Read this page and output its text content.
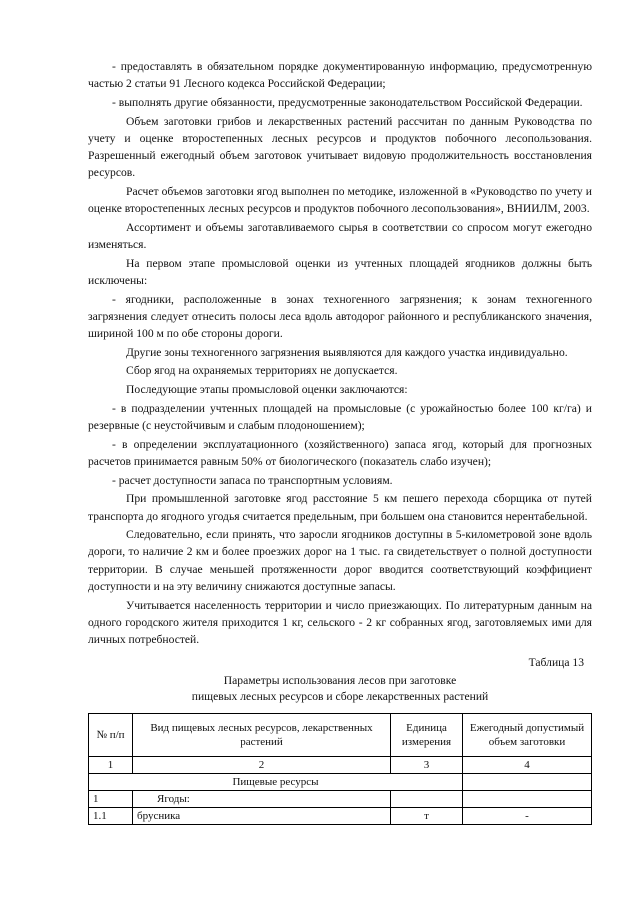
- предоставлять в обязательном порядке документированную информацию, предусмотренную частью 2 статьи 91 Лесного кодекса Российской Федерации;

- выполнять другие обязанности, предусмотренные законодательством Российской Федерации.

Объем заготовки грибов и лекарственных растений рассчитан по данным Руководства по учету и оценке второстепенных лесных ресурсов и продуктов побочного лесопользования. Разрешенный ежегодный объем заготовок учитывает видовую продолжительность восстановления ресурсов.

Расчет объемов заготовки ягод выполнен по методике, изложенной в «Руководство по учету и оценке второстепенных лесных ресурсов и продуктов побочного лесопользования», ВНИИЛМ, 2003.

Ассортимент и объемы заготавливаемого сырья в соответствии со спросом могут ежегодно изменяться.

На первом этапе промысловой оценки из учтенных площадей ягодников должны быть исключены:

- ягодники, расположенные в зонах техногенного загрязнения; к зонам техногенного загрязнения следует отнесить полосы леса вдоль автодорог районного и республиканского значения, шириной 100 м по обе стороны дороги.

Другие зоны техногенного загрязнения выявляются для каждого участка индивидуально.

Сбор ягод на охраняемых территориях не допускается.

Последующие этапы промысловой оценки заключаются:

- в подразделении учтенных площадей на промысловые (с урожайностью более 100 кг/га) и резервные (с неустойчивым и слабым плодоношением);

- в определении эксплуатационного (хозяйственного) запаса ягод, который для прогнозных расчетов принимается равным 50% от биологического (показатель слабо изучен);

- расчет доступности запаса по транспортным условиям.

При промышленной заготовке ягод расстояние 5 км пешего перехода сборщика от путей транспорта до ягодного угодья считается предельным, при большем она становится нерентабельной.

Следовательно, если принять, что заросли ягодников доступны в 5-километровой зоне вдоль дороги, то наличие 2 км и более проезжих дорог на 1 тыс. га свидетельствует о полной доступности территории. В случае меньшей протяженности дорог вводится соответствующий коэффициент доступности и на эту величину снижаются доступные запасы.

Учитывается населенность территории и число приезжающих. По литературным данным на одного городского жителя приходится 1 кг, сельского - 2 кг собранных ягод, заготовляемых ими для личных потребностей.

Таблица 13
Параметры использования лесов при заготовке
пищевых лесных ресурсов и сборе лекарственных растений
№ п/п	Вид пищевых лесных ресурсов, лекарственных растений	Единица измерения	Ежегодный допустимый объем заготовки
1	2	3	4
Пищевые ресурсы			
1	Ягоды:		
1.1	брусника	т	-
